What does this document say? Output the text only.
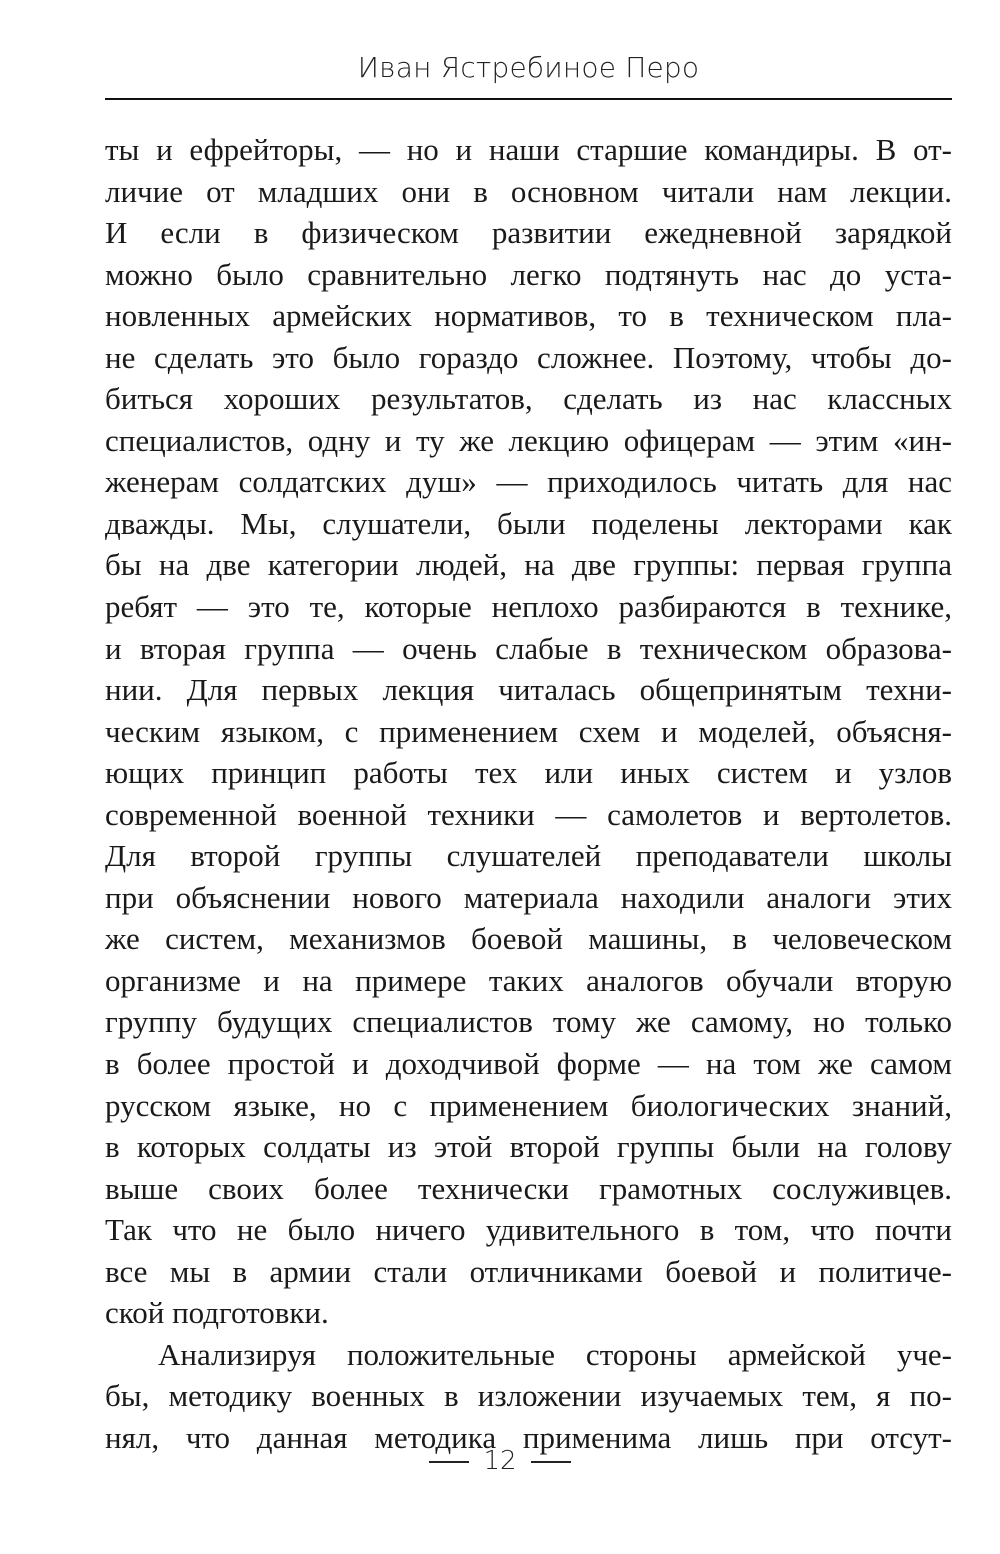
Иван Ястребиное Перо
ты и ефрейторы, — но и наши старшие командиры. В от-
личие от младших они в основном читали нам лекции.
И если в физическом развитии ежедневной зарядкой
можно было сравнительно легко подтянуть нас до уста-
новленных армейских нормативов, то в техническом пла-
не сделать это было гораздо сложнее. Поэтому, чтобы до-
биться хороших результатов, сделать из нас классных
специалистов, одну и ту же лекцию офицерам — этим «ин-
женерам солдатских душ» — приходилось читать для нас
дважды. Мы, слушатели, были поделены лекторами как
бы на две категории людей, на две группы: первая группа
ребят — это те, которые неплохо разбираются в технике,
и вторая группа — очень слабые в техническом образова-
нии. Для первых лекция читалась общепринятым техни-
ческим языком, с применением схем и моделей, объясня-
ющих принцип работы тех или иных систем и узлов
современной военной техники — самолетов и вертолетов.
Для второй группы слушателей преподаватели школы
при объяснении нового материала находили аналоги этих
же систем, механизмов боевой машины, в человеческом
организме и на примере таких аналогов обучали вторую
группу будущих специалистов тому же самому, но только
в более простой и доходчивой форме — на том же самом
русском языке, но с применением биологических знаний,
в которых солдаты из этой второй группы были на голову
выше своих более технически грамотных сослуживцев.
Так что не было ничего удивительного в том, что почти
все мы в армии стали отличниками боевой и политиче-
ской подготовки.
Анализируя положительные стороны армейской уче-
бы, методику военных в изложении изучаемых тем, я по-
нял, что данная методика применима лишь при отсут-
12
